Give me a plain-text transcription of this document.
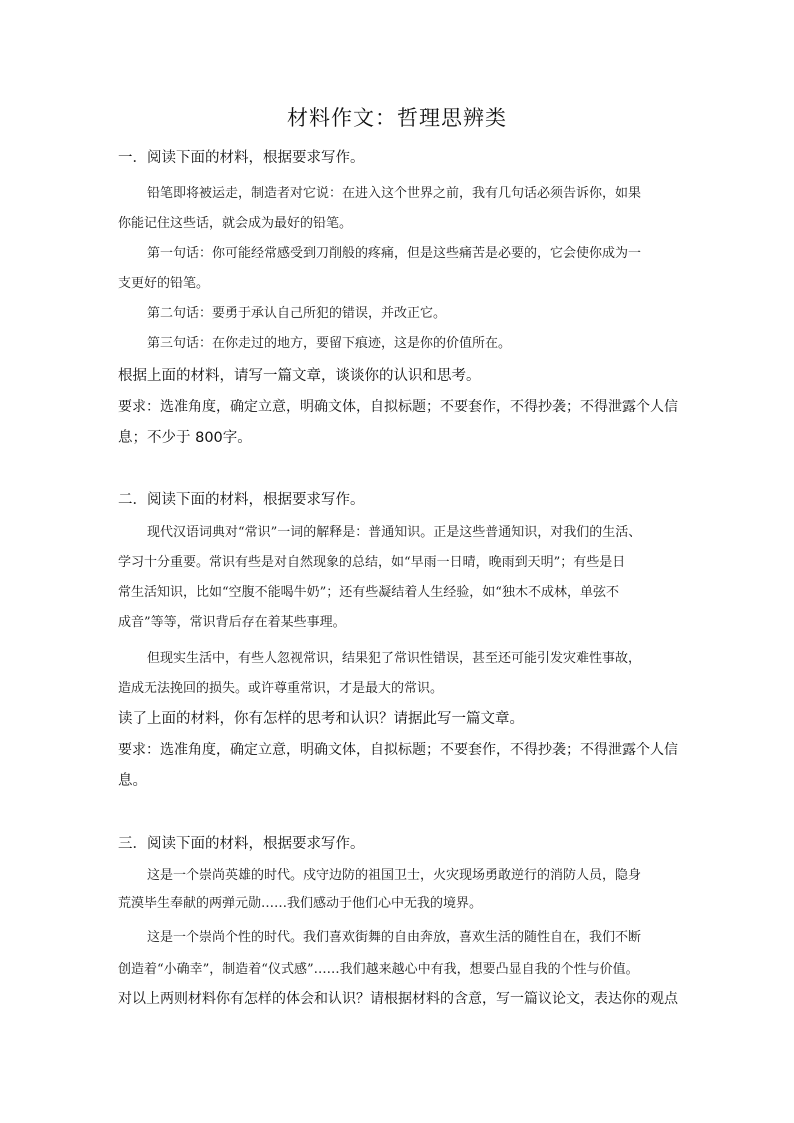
材料作文：哲理思辨类
一．阅读下面的材料，根据要求写作。
铅笔即将被运走，制造者对它说：在进入这个世界之前，我有几句话必须告诉你，如果
你能记住这些话，就会成为最好的铅笔。
第一句话：你可能经常感受到刀削般的疼痛，但是这些痛苦是必要的，它会使你成为一
支更好的铅笔。
第二句话：要勇于承认自己所犯的错误，并改正它。
第三句话：在你走过的地方，要留下痕迹，这是你的价值所在。
根据上面的材料，请写一篇文章，谈谈你的认识和思考。
要求：选准角度，确定立意，明确文体，自拟标题；不要套作，不得抄袭；不得泄露个人信
息；不少于 800字。
二．阅读下面的材料，根据要求写作。
现代汉语词典对“常识”一词的解释是：普通知识。正是这些普通知识，对我们的生活、
学习十分重要。常识有些是对自然现象的总结，如“早雨一日晴，晚雨到天明”；有些是日
常生活知识，比如“空腹不能喝牛奶”；还有些凝结着人生经验，如“独木不成林，单弦不
成音”等等，常识背后存在着某些事理。
但现实生活中，有些人忽视常识，结果犯了常识性错误，甚至还可能引发灾难性事故，
造成无法挽回的损失。或许尊重常识，才是最大的常识。
读了上面的材料，你有怎样的思考和认识？请据此写一篇文章。
要求：选准角度，确定立意，明确文体，自拟标题；不要套作，不得抄袭；不得泄露个人信
息。
三．阅读下面的材料，根据要求写作。
这是一个崇尚英雄的时代。戍守边防的祖国卫士，火灾现场勇敢逆行的消防人员，隐身
荒漠毕生奉献的两弹元勋……我们感动于他们心中无我的境界。
这是一个崇尚个性的时代。我们喜欢街舞的自由奔放，喜欢生活的随性自在，我们不断
创造着“小确幸”，制造着“仪式感”……我们越来越心中有我，想要凸显自我的个性与价值。
对以上两则材料你有怎样的体会和认识？请根据材料的含意，写一篇议论文，表达你的观点
